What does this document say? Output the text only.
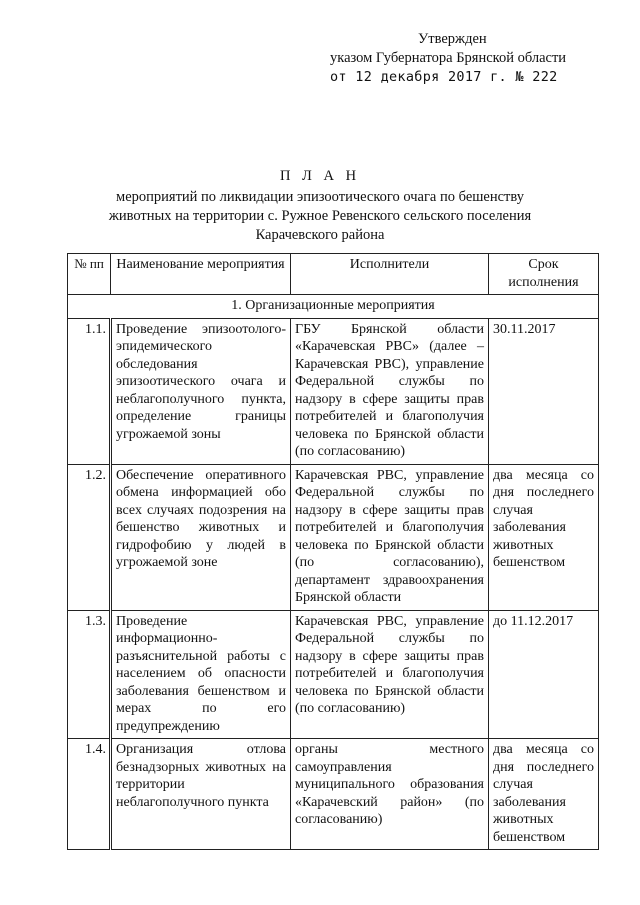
Утвержден
указом Губернатора Брянской области
от 12 декабря 2017 г. № 222
П Л А Н
мероприятий по ликвидации эпизоотического очага по бешенству
животных на территории с. Ружное Ревенского сельского поселения
Карачевского района
№ пп	Наименование мероприятия	Исполнители	Срок исполнения
1. Организационные мероприятия			
1.1.	Проведение эпизоотолого-эпидемического обследования эпизоотического очага и неблагополучного пункта, определение границы угрожаемой зоны	ГБУ Брянской области «Карачевская РВС» (далее – Карачевская РВС), управление Федеральной службы по надзору в сфере защиты прав потребителей и благополучия человека по Брянской области (по согласованию)	30.11.2017
1.2.	Обеспечение оперативного обмена информацией обо всех случаях подозрения на бешенство животных и гидрофобию у людей в угрожаемой зоне	Карачевская РВС, управление Федеральной службы по надзору в сфере защиты прав потребителей и благополучия человека по Брянской области (по согласованию), департамент здравоохранения Брянской области	два месяца со дня последнего случая заболевания животных бешенством
1.3.	Проведение информационно-разъяснительной работы с населением об опасности заболевания бешенством и мерах по его предупреждению	Карачевская РВС, управление Федеральной службы по надзору в сфере защиты прав потребителей и благополучия человека по Брянской области (по согласованию)	до 11.12.2017
1.4.	Организация отлова безнадзорных животных на территории неблагополучного пункта	органы местного самоуправления муниципального образования «Карачевский район» (по согласованию)	два месяца со дня последнего случая заболевания животных бешенством
